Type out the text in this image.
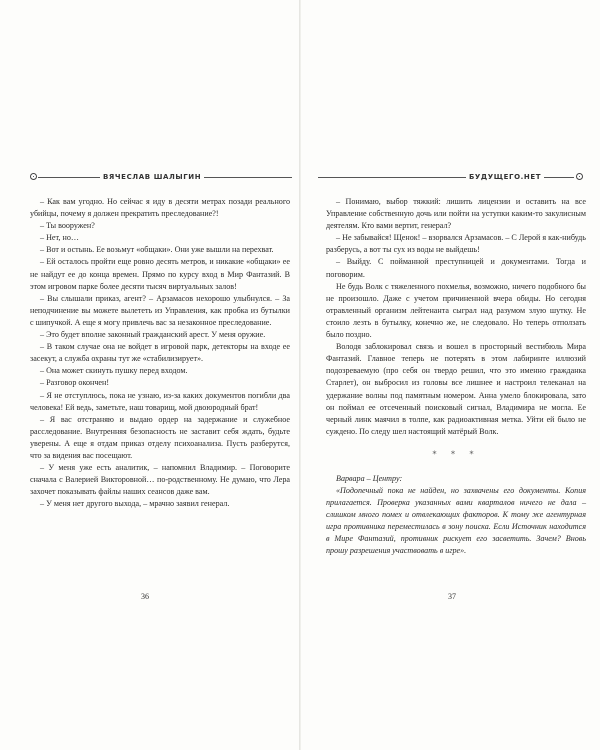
ВЯЧЕСЛАВ ШАЛЫГИН

– Как вам угодно. Но сейчас я иду в десяти метрах позади реального убийцы, почему я должен прекратить преследование?!

– Ты вооружен?

– Нет, но…

– Вот и остынь. Ее возьмут «общаки». Они уже вышли на перехват.

– Ей осталось пройти еще ровно десять метров, и никакие «общаки» ее не найдут ее до конца времен. Прямо по курсу вход в Мир Фантазий. В этом игровом парке более десяти тысяч виртуальных залов!

– Вы слышали приказ, агент? – Арзамасов нехорошо улыбнулся. – За неподчинение вы можете вылететь из Управления, как пробка из бутылки с шипучкой. А еще я могу привлечь вас за незаконное преследование.

– Это будет вполне законный гражданский арест. У меня оружие.

– В таком случае она не войдет в игровой парк, детекторы на входе ее засекут, а служба охраны тут же «стабилизирует».

– Она может скинуть пушку перед входом.

– Разговор окончен!

– Я не отступлюсь, пока не узнаю, из-за каких документов погибли два человека! Ей ведь, заметьте, наш товарищ, мой двоюродный брат!

– Я вас отстраняю и выдаю ордер на задержание и служебное расследование. Внутренняя безопасность не заставит себя ждать, будьте уверены. А еще я отдам приказ отделу психоанализа. Пусть разберутся, что за видения вас посещают.

– У меня уже есть аналитик, – напомнил Владимир. – Поговорите сначала с Валерией Викторовной… по-родственному. Не думаю, что Лера захочет показывать файлы наших сеансов даже вам.

– У меня нет другого выхода, – мрачно заявил генерал.

36
БУДУЩЕГО.НЕТ

– Понимаю, выбор тяжкий: лишить лицензии и оставить на все Управление собственную дочь или пойти на уступки каким-то закулисным деятелям. Кто вами вертит, генерал?

– Не забывайся! Щенок! – взорвался Арзамасов. – С Лерой я как-нибудь разберусь, а вот ты сух из воды не выйдешь!

– Выйду. С пойманной преступницей и документами. Тогда и поговорим.

Не будь Волк с тяжеленного похмелья, возможно, ничего подобного бы не произошло. Даже с учетом причиненной вчера обиды. Но сегодня отравленный организм лейтенанта сыграл над разумом злую шутку. Не стоило лезть в бутылку, конечно же, не следовало. Но теперь отползать было поздно.

Володя заблокировал связь и вошел в просторный вестибюль Мира Фантазий. Главное теперь не потерять в этом лабиринте иллюзий подозреваемую (про себя он твердо решил, что это именно гражданка Старлет), он выбросил из головы все лишнее и настроил телеканал на удержание волны под памятным номером. Анна умело блокировала, зато он поймал ее отсеченный поисковый сигнал, Владимира не могла. Ее черный линк маячил в толпе, как радиоактивная метка. Уйти ей было не суждено. По следу шел настоящий матёрый Волк.

* * *

Варвара – Центру:

«Подопечный пока не найден, но захвачены его документы. Копия прилагается. Проверка указанных вами кварталов ничего не дала – слишком много помех и отвлекающих факторов. К тому же агентурная игра противника переместилась в зону поиска. Если Источник находится в Мире Фантазий, противник рискует его засветить. Зачем? Вновь прошу разрешения участвовать в игре».

37
